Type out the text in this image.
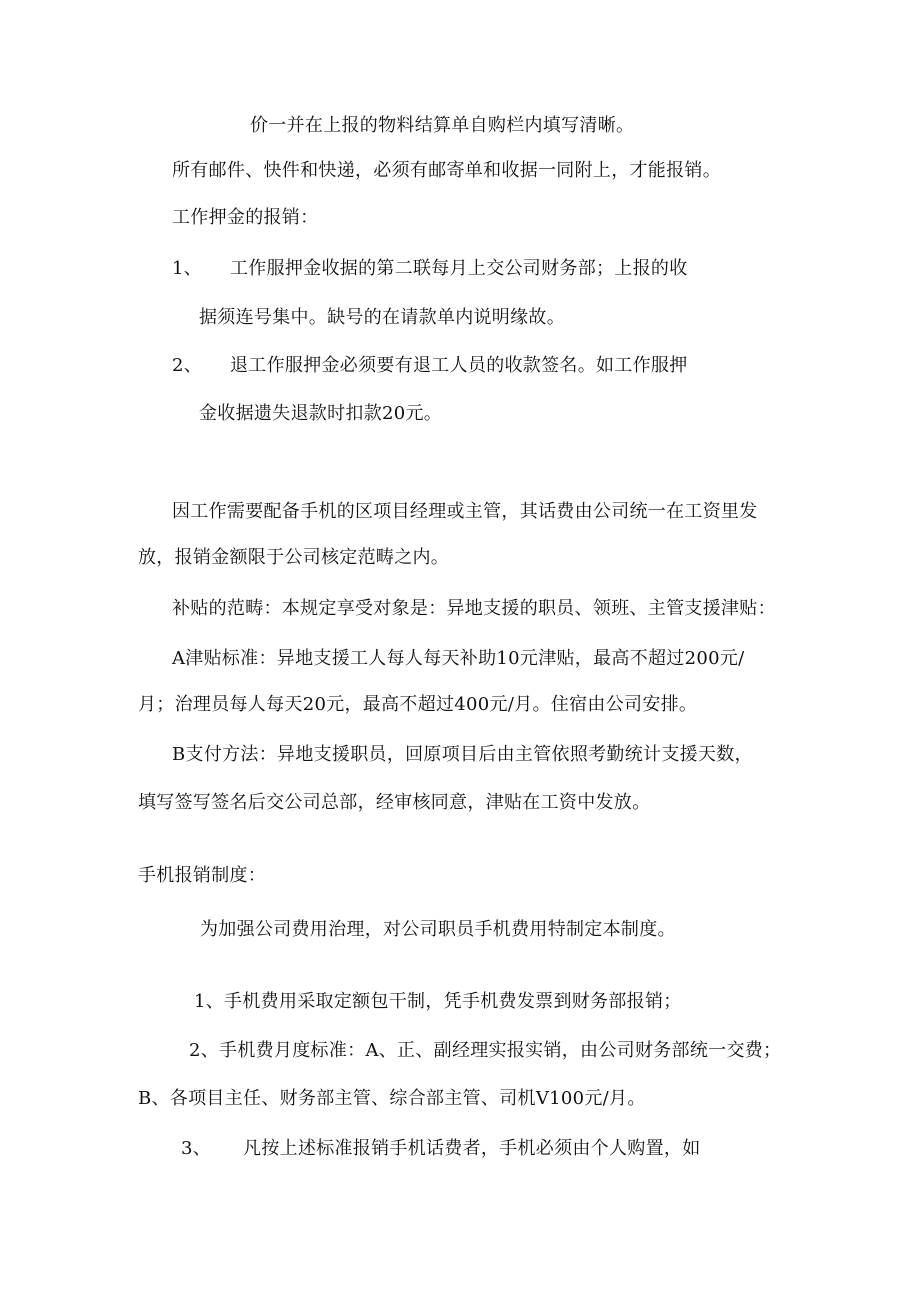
价一并在上报的物料结算单自购栏内填写清晰。
所有邮件、快件和快递，必须有邮寄单和收据一同附上，才能报销。
工作押金的报销：
1、 工作服押金收据的第二联每月上交公司财务部；上报的收
据须连号集中。缺号的在请款单内说明缘故。
2、 退工作服押金必须要有退工人员的收款签名。如工作服押
金收据遗失退款时扣款20元。
因工作需要配备手机的区项目经理或主管，其话费由公司统一在工资里发
放，报销金额限于公司核定范畴之内。
补贴的范畴：本规定享受对象是：异地支援的职员、领班、主管支援津贴：
A津贴标准：异地支援工人每人每天补助10元津贴，最高不超过200元/
月；治理员每人每天20元，最高不超过400元/月。住宿由公司安排。
B支付方法：异地支援职员，回原项目后由主管依照考勤统计支援天数，
填写签写签名后交公司总部，经审核同意，津贴在工资中发放。
手机报销制度：
为加强公司费用治理，对公司职员手机费用特制定本制度。
1、手机费用采取定额包干制，凭手机费发票到财务部报销；
2、手机费月度标准：A、正、副经理实报实销，由公司财务部统一交费；
B、各项目主任、财务部主管、综合部主管、司机V100元/月。
3、 凡按上述标准报销手机话费者，手机必须由个人购置，如
